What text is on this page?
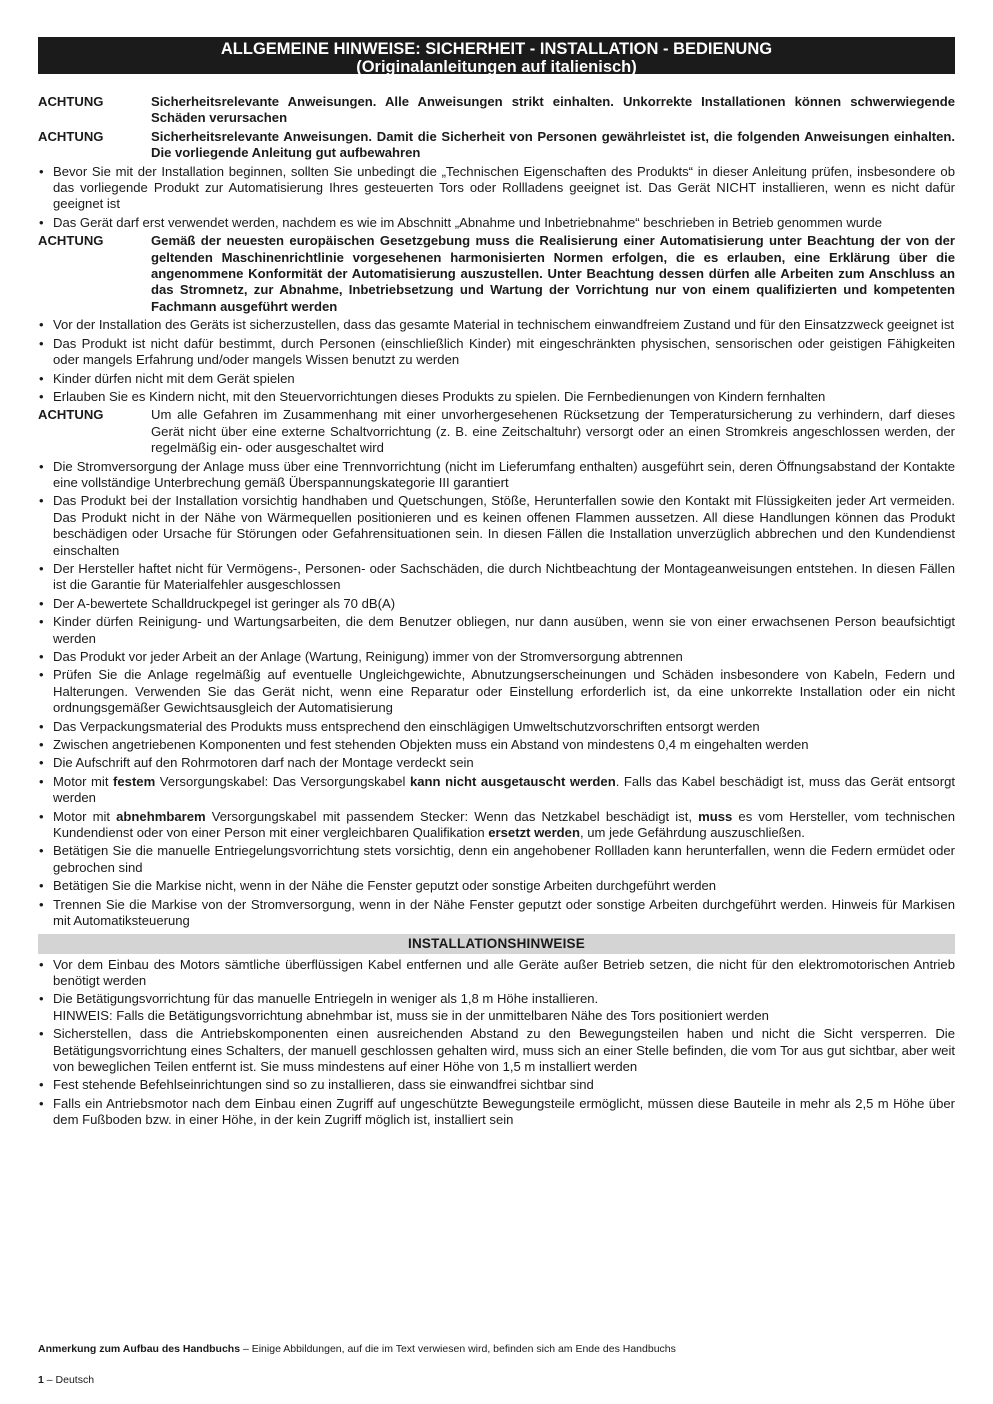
ALLGEMEINE HINWEISE: SICHERHEIT - INSTALLATION - BEDIENUNG
(Originalanleitungen auf italienisch)
ACHTUNG	Sicherheitsrelevante Anweisungen. Alle Anweisungen strikt einhalten. Unkorrekte Installationen können schwerwiegende Schäden verursachen
ACHTUNG	Sicherheitsrelevante Anweisungen. Damit die Sicherheit von Personen gewährleistet ist, die folgenden Anweisungen einhalten. Die vorliegende Anleitung gut aufbewahren
• Bevor Sie mit der Installation beginnen, sollten Sie unbedingt die „Technischen Eigenschaften des Produkts“ in dieser Anleitung prüfen, insbesondere ob das vorliegende Produkt zur Automatisierung Ihres gesteuerten Tors oder Rollladens geeignet ist. Das Gerät NICHT installieren, wenn es nicht dafür geeignet ist
• Das Gerät darf erst verwendet werden, nachdem es wie im Abschnitt „Abnahme und Inbetriebnahme“ beschrieben in Betrieb genommen wurde
ACHTUNG	Gemäß der neuesten europäischen Gesetzgebung muss die Realisierung einer Automatisierung unter Beachtung der von der geltenden Maschinenrichtlinie vorgesehenen harmonisierten Normen erfolgen, die es erlauben, eine Erklärung über die angenommene Konformität der Automatisierung auszustellen. Unter Beachtung dessen dürfen alle Arbeiten zum Anschluss an das Stromnetz, zur Abnahme, Inbetriebsetzung und Wartung der Vorrichtung nur von einem qualifizierten und kompetenten Fachmann ausgeführt werden
• Vor der Installation des Geräts ist sicherzustellen, dass das gesamte Material in technischem einwandfreiem Zustand und für den Einsatzzweck geeignet ist
• Das Produkt ist nicht dafür bestimmt, durch Personen (einschließlich Kinder) mit eingeschränkten physischen, sensorischen oder geistigen Fähigkeiten oder mangels Erfahrung und/oder mangels Wissen benutzt zu werden
• Kinder dürfen nicht mit dem Gerät spielen
• Erlauben Sie es Kindern nicht, mit den Steuervorrichtungen dieses Produkts zu spielen. Die Fernbedienungen von Kindern fernhalten
ACHTUNG	Um alle Gefahren im Zusammenhang mit einer unvorhergesehenen Rücksetzung der Temperatursicherung zu verhindern, darf dieses Gerät nicht über eine externe Schaltvorrichtung (z. B. eine Zeitschaltuhr) versorgt oder an einen Stromkreis angeschlossen werden, der regelmäßig ein- oder ausgeschaltet wird
• Die Stromversorgung der Anlage muss über eine Trennvorrichtung (nicht im Lieferumfang enthalten) ausgeführt sein, deren Öffnungsabstand der Kontakte eine vollständige Unterbrechung gemäß Überspannungskategorie III garantiert
• Das Produkt bei der Installation vorsichtig handhaben und Quetschungen, Stöße, Herunterfallen sowie den Kontakt mit Flüssigkeiten jeder Art vermeiden. Das Produkt nicht in der Nähe von Wärmequellen positionieren und es keinen offenen Flammen aussetzen. All diese Handlungen können das Produkt beschädigen oder Ursache für Störungen oder Gefahrensituationen sein. In diesen Fällen die Installation unverzüglich abbrechen und den Kundendienst einschalten
• Der Hersteller haftet nicht für Vermögens-, Personen- oder Sachschäden, die durch Nichtbeachtung der Montageanweisungen entstehen. In diesen Fällen ist die Garantie für Materialfehler ausgeschlossen
• Der A-bewertete Schalldruckpegel ist geringer als 70 dB(A)
• Kinder dürfen Reinigung- und Wartungsarbeiten, die dem Benutzer obliegen, nur dann ausüben, wenn sie von einer erwachsenen Person beaufsichtigt werden
• Das Produkt vor jeder Arbeit an der Anlage (Wartung, Reinigung) immer von der Stromversorgung abtrennen
• Prüfen Sie die Anlage regelmäßig auf eventuelle Ungleichgewichte, Abnutzungserscheinungen und Schäden insbesondere von Kabeln, Federn und Halterungen. Verwenden Sie das Gerät nicht, wenn eine Reparatur oder Einstellung erforderlich ist, da eine unkorrekte Installation oder ein nicht ordnungsgemäßer Gewichtsausgleich der Automatisierung
• Das Verpackungsmaterial des Produkts muss entsprechend den einschlägigen Umweltschutzvorschriften entsorgt werden
• Zwischen angetriebenen Komponenten und fest stehenden Objekten muss ein Abstand von mindestens 0,4 m eingehalten werden
• Die Aufschrift auf den Rohrmotoren darf nach der Montage verdeckt sein
• Motor mit festem Versorgungskabel: Das Versorgungskabel kann nicht ausgetauscht werden. Falls das Kabel beschädigt ist, muss das Gerät entsorgt werden
• Motor mit abnehmbarem Versorgungskabel mit passendem Stecker: Wenn das Netzkabel beschädigt ist, muss es vom Hersteller, vom technischen Kundendienst oder von einer Person mit einer vergleichbaren Qualifikation ersetzt werden, um jede Gefährdung auszuschließen.
• Betätigen Sie die manuelle Entriegelungsvorrichtung stets vorsichtig, denn ein angehobener Rollladen kann herunterfallen, wenn die Federn ermüdet oder gebrochen sind
• Betätigen Sie die Markise nicht, wenn in der Nähe die Fenster geputzt oder sonstige Arbeiten durchgeführt werden
• Trennen Sie die Markise von der Stromversorgung, wenn in der Nähe Fenster geputzt oder sonstige Arbeiten durchgeführt werden. Hinweis für Markisen mit Automatiksteuerung
INSTALLATIONSHINWEISE
• Vor dem Einbau des Motors sämtliche überflüssigen Kabel entfernen und alle Geräte außer Betrieb setzen, die nicht für den elektromotorischen Antrieb benötigt werden
• Die Betätigungsvorrichtung für das manuelle Entriegeln in weniger als 1,8 m Höhe installieren.
HINWEIS: Falls die Betätigungsvorrichtung abnehmbar ist, muss sie in der unmittelbaren Nähe des Tors positioniert werden
• Sicherstellen, dass die Antriebskomponenten einen ausreichenden Abstand zu den Bewegungsteilen haben und nicht die Sicht versperren. Die Betätigungsvorrichtung eines Schalters, der manuell geschlossen gehalten wird, muss sich an einer Stelle befinden, die vom Tor aus gut sichtbar, aber weit von beweglichen Teilen entfernt ist. Sie muss mindestens auf einer Höhe von 1,5 m installiert werden
• Fest stehende Befehlseinrichtungen sind so zu installieren, dass sie einwandfrei sichtbar sind
• Falls ein Antriebsmotor nach dem Einbau einen Zugriff auf ungeschützte Bewegungsteile ermöglicht, müssen diese Bauteile in mehr als 2,5 m Höhe über dem Fußboden bzw. in einer Höhe, in der kein Zugriff möglich ist, installiert sein
Anmerkung zum Aufbau des Handbuchs – Einige Abbildungen, auf die im Text verwiesen wird, befinden sich am Ende des Handbuchs
1 – Deutsch
